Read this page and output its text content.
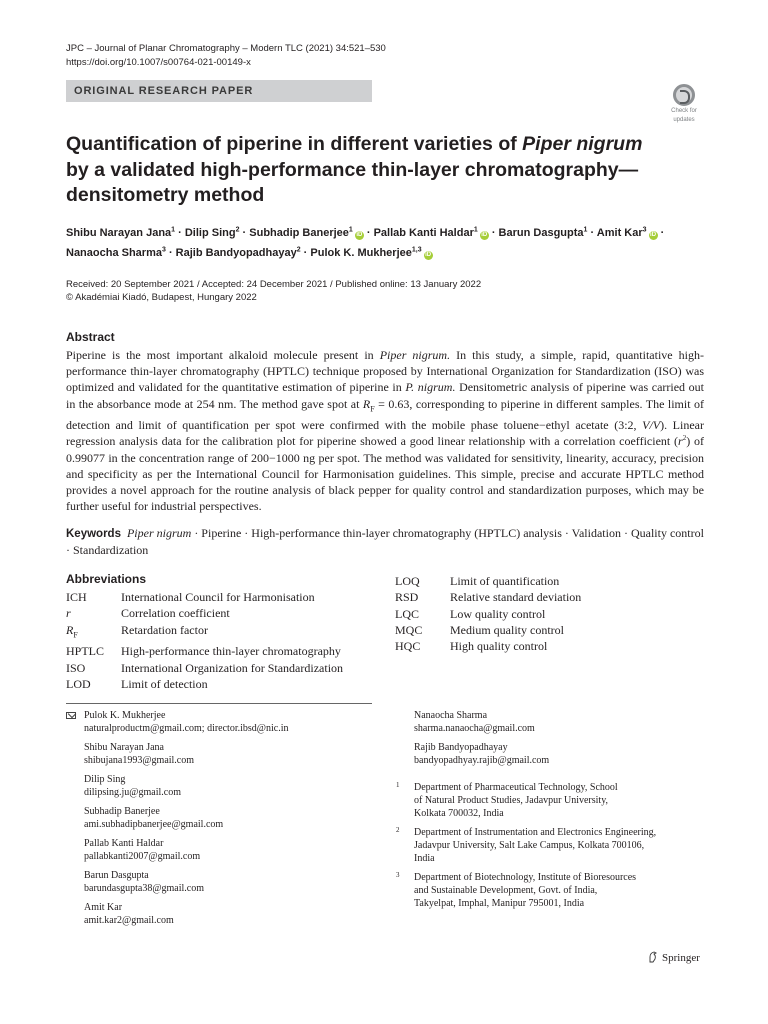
JPC – Journal of Planar Chromatography – Modern TLC (2021) 34:521–530
https://doi.org/10.1007/s00764-021-00149-x
ORIGINAL RESEARCH PAPER
Check for
updates
Quantification of piperine in different varieties of Piper nigrum
by a validated high-performance thin-layer chromatography—
densitometry method
Shibu Narayan Jana$^1$ · Dilip Sing$^2$ · Subhadip Banerjee$^1$iD · Pallab Kanti Haldar$^1$iD · Barun Dasgupta$^1$ · Amit Kar$^3$iD ·
Nanaocha Sharma$^3$ · Rajib Bandyopadhayay$^2$ · Pulok K. Mukherjee$^{1,3}$iD
Received: 20 September 2021 / Accepted: 24 December 2021 / Published online: 13 January 2022
© Akadémiai Kiadó, Budapest, Hungary 2022
Abstract
Piperine is the most important alkaloid molecule present in Piper nigrum. In this study, a simple, rapid, quantitative high-performance thin-layer chromatography (HPTLC) technique proposed by International Organization for Standardization (ISO) was optimized and validated for the quantitative estimation of piperine in P. nigrum. Densitometric analysis of piperine was carried out in the absorbance mode at 254 nm. The method gave spot at $R_F = 0.63$, corresponding to piperine in different samples. The limit of detection and limit of quantification per spot were confirmed with the mobile phase toluene−ethyl acetate (3:2, V/V). Linear regression analysis data for the calibration plot for piperine showed a good linear relationship with a correlation coefficient $(r^2)$ of 0.99077 in the concentration range of 200−1000 ng per spot. The method was validated for sensitivity, linearity, accuracy, precision and specificity as per the International Council for Harmonisation guidelines. This simple, precise and accurate HPTLC method provides a novel approach for the routine analysis of black pepper for quality control and standardization purposes, which may be further useful for industrial perspectives.
Keywords Piper nigrum · Piperine · High-performance thin-layer chromatography (HPTLC) analysis · Validation · Quality control · Standardization
Abbreviations
ICH	International Council for Harmonisation
r	Correlation coefficient
$R_F$	Retardation factor
HPTLC	High-performance thin-layer chromatography
ISO	International Organization for Standardization
LOD	Limit of detection
LOQ	Limit of quantification
RSD	Relative standard deviation
LQC	Low quality control
MQC	Medium quality control
HQC	High quality control
Pulok K. Mukherjee
naturalproductm@gmail.com; director.ibsd@nic.in
Shibu Narayan Jana
shibujana1993@gmail.com
Dilip Sing
dilipsing.ju@gmail.com
Subhadip Banerjee
ami.subhadipbanerjee@gmail.com
Pallab Kanti Haldar
pallabkanti2007@gmail.com
Barun Dasgupta
barundasgupta38@gmail.com
Amit Kar
amit.kar2@gmail.com
Nanaocha Sharma
sharma.nanaocha@gmail.com
Rajib Bandyopadhayay
bandyopadhyay.rajib@gmail.com
1 Department of Pharmaceutical Technology, School
of Natural Product Studies, Jadavpur University,
Kolkata 700032, India
2 Department of Instrumentation and Electronics Engineering,
Jadavpur University, Salt Lake Campus, Kolkata 700106,
India
3 Department of Biotechnology, Institute of Bioresources
and Sustainable Development, Govt. of India,
Takyelpat, Imphal, Manipur 795001, India
Springer
